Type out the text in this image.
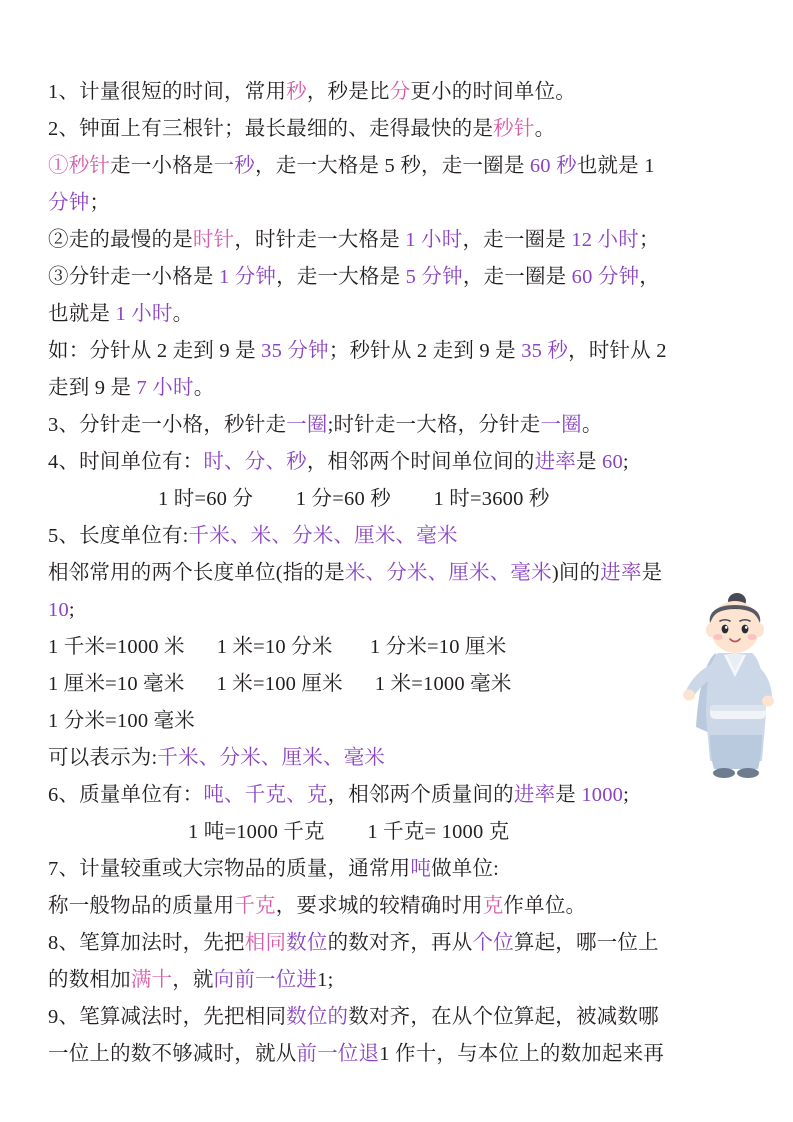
1、计量很短的时间，常用秒，秒是比分更小的时间单位。
2、钟面上有三根针；最长最细的、走得最快的是秒针。
①秒针走一小格是一秒，走一大格是 5 秒，走一圈是 60 秒也就是 1
分钟；
②走的最慢的是时针，时针走一大格是 1 小时，走一圈是 12 小时；
③分针走一小格是 1 分钟，走一大格是 5 分钟，走一圈是 60 分钟，
也就是 1 小时。
如：分针从 2 走到 9 是 35 分钟；秒针从 2 走到 9 是 35 秒，时针从 2
走到 9 是 7 小时。
3、分针走一小格，秒针走一圈;时针走一大格，分针走一圈。
4、时间单位有：时、分、秒，相邻两个时间单位间的进率是 60;
1 时=60 分        1 分=60 秒        1 时=3600 秒
5、长度单位有:千米、米、分米、厘米、毫米
相邻常用的两个长度单位(指的是米、分米、厘米、毫米)间的进率是
10;
1 千米=1000 米      1 米=10 分米       1 分米=10 厘米
1 厘米=10 毫米      1 米=100 厘米      1 米=1000 毫米
1 分米=100 毫米
可以表示为:千米、分米、厘米、毫米
6、质量单位有：吨、千克、克，相邻两个质量间的进率是 1000;
1 吨=1000 千克        1 千克= 1000 克
7、计量较重或大宗物品的质量，通常用吨做单位:
称一般物品的质量用千克，要求城的较精确时用克作单位。
8、笔算加法时，先把相同数位的数对齐，再从个位算起，哪一位上
的数相加满十，就向前一位进1;
9、笔算减法时，先把相同数位的数对齐，在从个位算起，被减数哪
一位上的数不够减时，就从前一位退1 作十，与本位上的数加起来再
